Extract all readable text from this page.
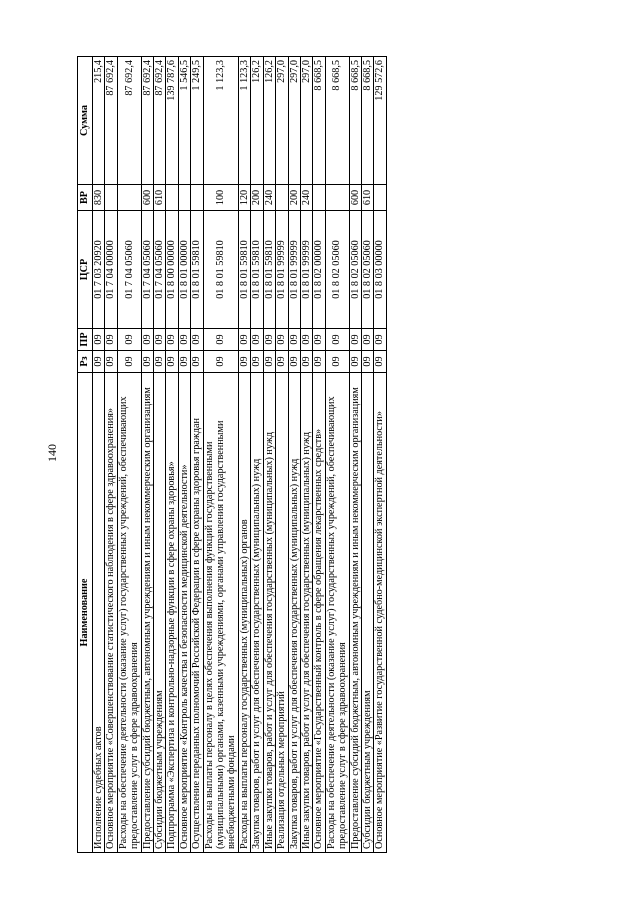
140
Наименование	Рз	ПР	ЦСР	ВР	Сумма
Исполнение судебных актов	09	09	01 7 03 20920	830	215,4
Основное мероприятие «Совершенствование статистического наблюдения в сфере здравоохранения»	09	09	01 7 04 00000		87 692,4
Расходы на обеспечение деятельности (оказание услуг) государственных учреждений, обеспечивающих предоставление услуг в сфере здравоохранения	09	09	01 7 04 05060		87 692,4
Предоставление субсидий бюджетным, автономным учреждениям и иным некоммерческим организациям	09	09	01 7 04 05060	600	87 692,4
Субсидии бюджетным учреждениям	09	09	01 7 04 05060	610	87 692,4
Подпрограмма «Экспертиза и контрольно-надзорные функции в сфере охраны здоровья»	09	09	01 8 00 00000		139 787,6
Основное мероприятие «Контроль качества и безопасности медицинской деятельности»	09	09	01 8 01 00000		1 546,5
Осуществление переданных полномочий Российской Федерации в сфере охраны здоровья граждан	09	09	01 8 01 59810		1 249,5
Расходы на выплаты персоналу в целях обеспечения выполнения функций государственными (муниципальными) органами, казенными учреждениями, органами управления государственными внебюджетными фондами	09	09	01 8 01 59810	100	1 123,3
Расходы на выплаты персоналу государственных (муниципальных) органов	09	09	01 8 01 59810	120	1 123,3
Закупка товаров, работ и услуг для обеспечения государственных (муниципальных) нужд	09	09	01 8 01 59810	200	126,2
Иные закупки товаров, работ и услуг для обеспечения государственных (муниципальных) нужд	09	09	01 8 01 59810	240	126,2
Реализация отдельных мероприятий	09	09	01 8 01 99999		297,0
Закупка товаров, работ и услуг для обеспечения государственных (муниципальных) нужд	09	09	01 8 01 99999	200	297,0
Иные закупки товаров, работ и услуг для обеспечения государственных (муниципальных) нужд	09	09	01 8 01 99999	240	297,0
Основное мероприятие «Государственный контроль в сфере обращения лекарственных средств»	09	09	01 8 02 00000		8 668,5
Расходы на обеспечение деятельности (оказание услуг) государственных учреждений, обеспечивающих предоставление услуг в сфере здравоохранения	09	09	01 8 02 05060		8 668,5
Предоставление субсидий бюджетным, автономным учреждениям и иным некоммерческим организациям	09	09	01 8 02 05060	600	8 668,5
Субсидии бюджетным учреждениям	09	09	01 8 02 05060	610	8 668,5
Основное мероприятие «Развитие государственной судебно-медицинской экспертной деятельности»	09	09	01 8 03 00000		129 572,6
